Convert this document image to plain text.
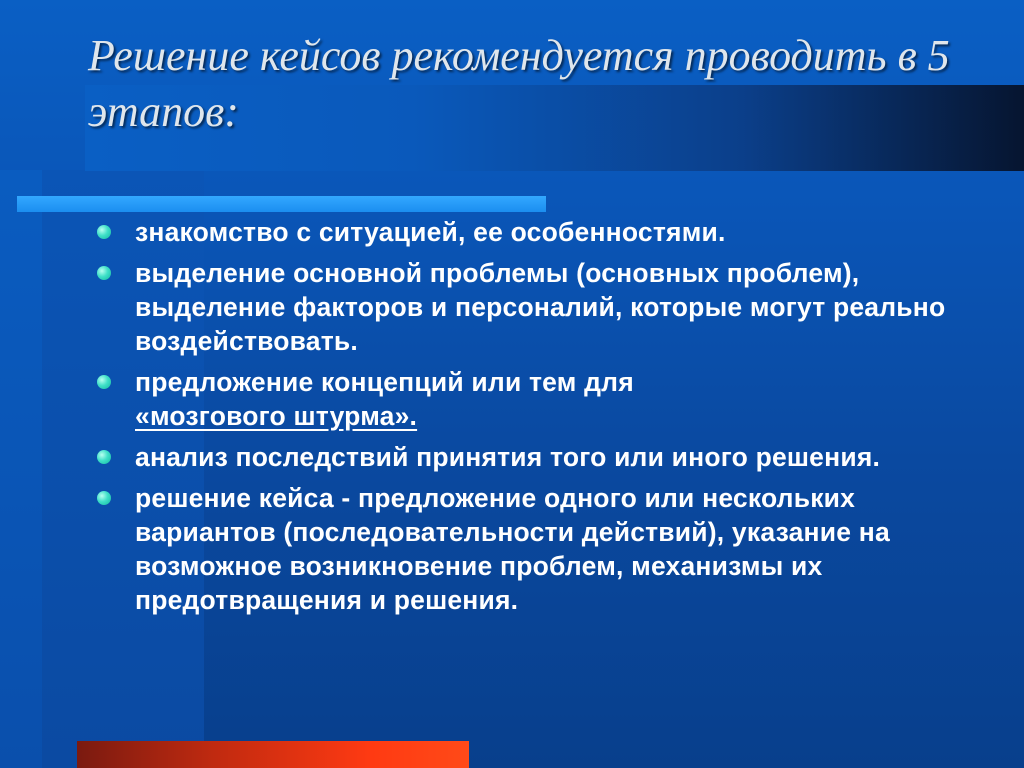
Решение кейсов рекомендуется проводить в 5 этапов:
знакомство с ситуацией, ее особенностями.
выделение основной проблемы (основных проблем), выделение факторов и персоналий, которые могут реально воздействовать.
предложение концепций или тем для
«мозгового штурма».
анализ последствий принятия того или иного решения.
решение кейса - предложение одного или нескольких вариантов (последовательности действий), указание на возможное возникновение проблем, механизмы их предотвращения и решения.
